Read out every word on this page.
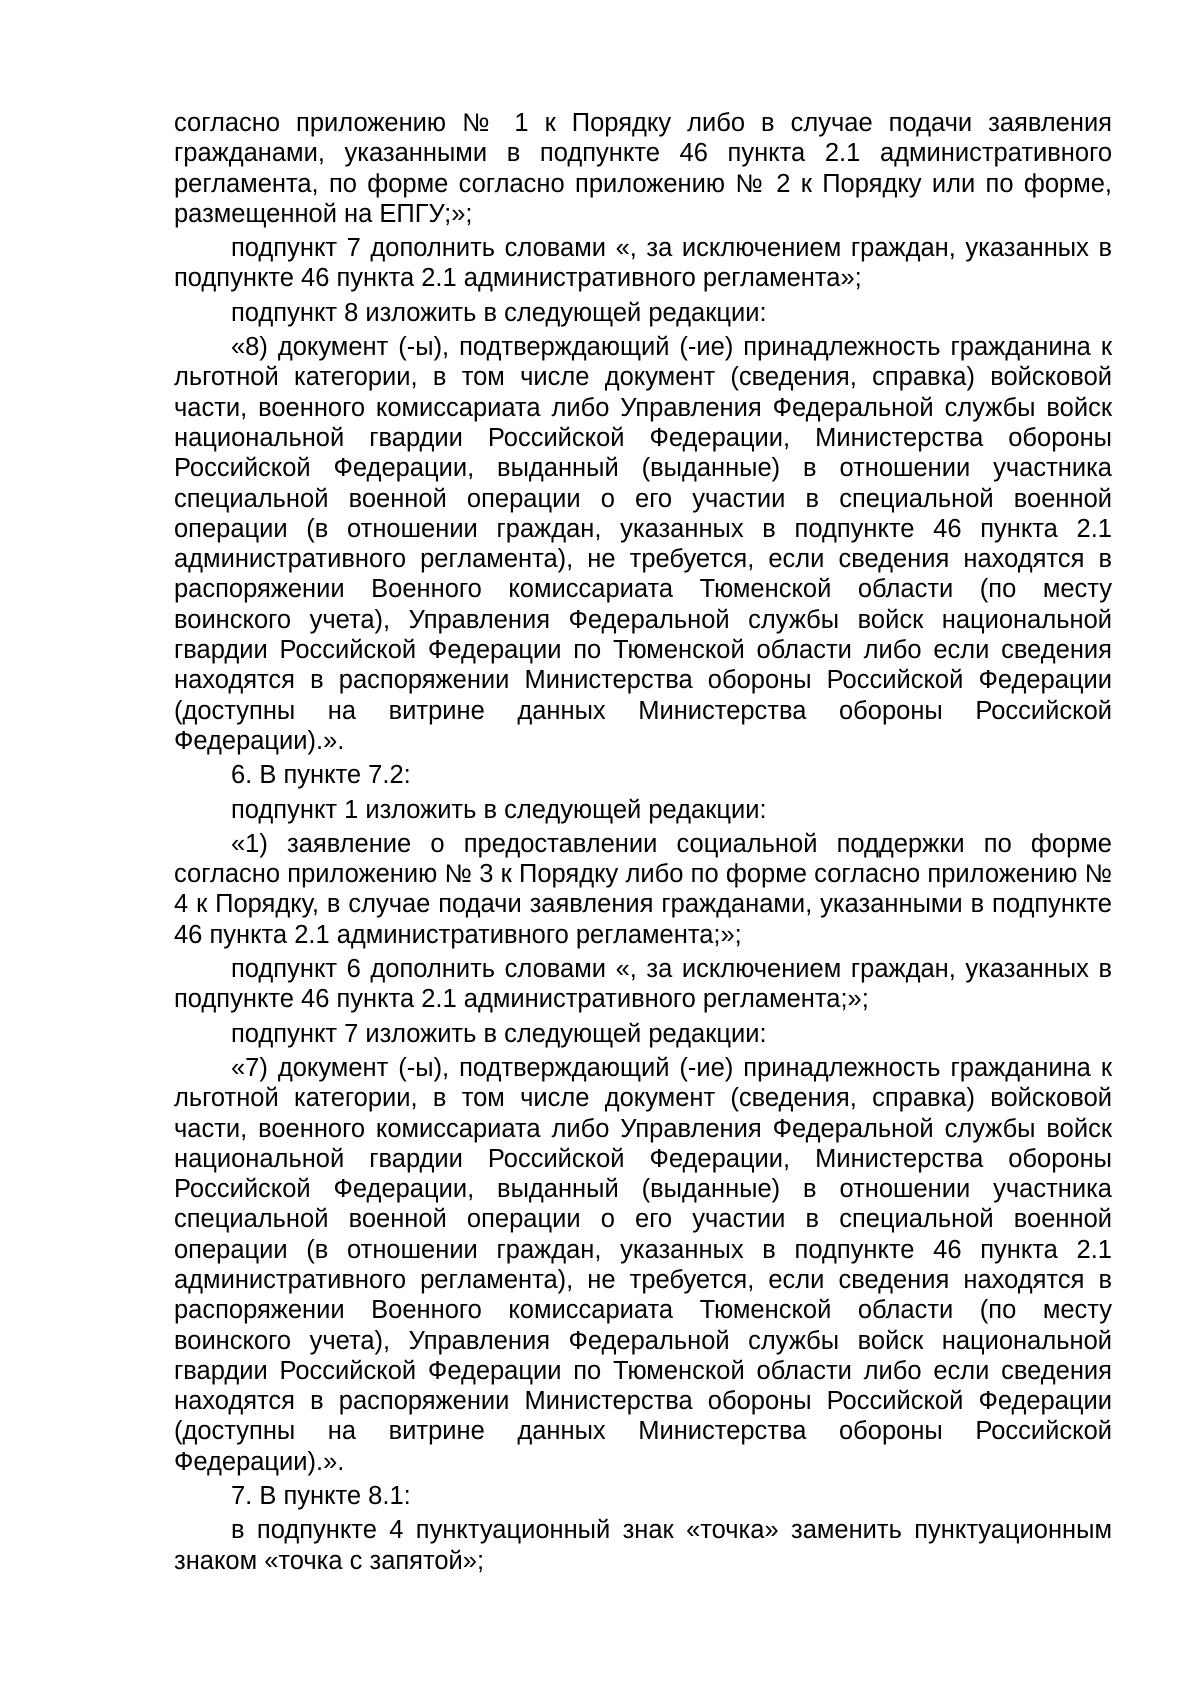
согласно приложению № 1 к Порядку либо в случае подачи заявления гражданами, указанными в подпункте 46 пункта 2.1 административного регламента, по форме согласно приложению № 2 к Порядку или по форме, размещенной на ЕПГУ;»;

подпункт 7 дополнить словами «, за исключением граждан, указанных в подпункте 46 пункта 2.1 административного регламента»;

подпункт 8 изложить в следующей редакции:

«8) документ (-ы), подтверждающий (-ие) принадлежность гражданина к льготной категории, в том числе документ (сведения, справка) войсковой части, военного комиссариата либо Управления Федеральной службы войск национальной гвардии Российской Федерации, Министерства обороны Российской Федерации, выданный (выданные) в отношении участника специальной военной операции о его участии в специальной военной операции (в отношении граждан, указанных в подпункте 46 пункта 2.1 административного регламента), не требуется, если сведения находятся в распоряжении Военного комиссариата Тюменской области (по месту воинского учета), Управления Федеральной службы войск национальной гвардии Российской Федерации по Тюменской области либо если сведения находятся в распоряжении Министерства обороны Российской Федерации (доступны на витрине данных Министерства обороны Российской Федерации).».

6. В пункте 7.2:

подпункт 1 изложить в следующей редакции:

«1) заявление о предоставлении социальной поддержки по форме согласно приложению № 3 к Порядку либо по форме согласно приложению № 4 к Порядку, в случае подачи заявления гражданами, указанными в подпункте 46 пункта 2.1 административного регламента;»;

подпункт 6 дополнить словами «, за исключением граждан, указанных в подпункте 46 пункта 2.1 административного регламента;»;

подпункт 7 изложить в следующей редакции:

«7) документ (-ы), подтверждающий (-ие) принадлежность гражданина к льготной категории, в том числе документ (сведения, справка) войсковой части, военного комиссариата либо Управления Федеральной службы войск национальной гвардии Российской Федерации, Министерства обороны Российской Федерации, выданный (выданные) в отношении участника специальной военной операции о его участии в специальной военной операции (в отношении граждан, указанных в подпункте 46 пункта 2.1 административного регламента), не требуется, если сведения находятся в распоряжении Военного комиссариата Тюменской области (по месту воинского учета), Управления Федеральной службы войск национальной гвардии Российской Федерации по Тюменской области либо если сведения находятся в распоряжении Министерства обороны Российской Федерации (доступны на витрине данных Министерства обороны Российской Федерации).».

7. В пункте 8.1:

в подпункте 4 пунктуационный знак «точка» заменить пунктуационным знаком «точка с запятой»;
